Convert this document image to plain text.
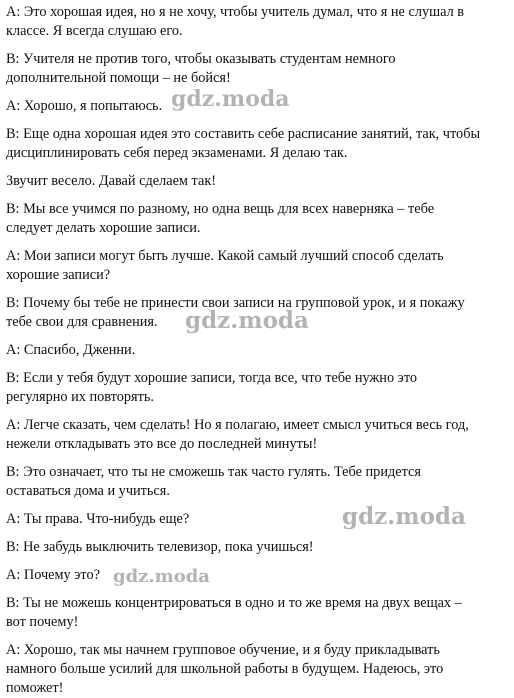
A: Это хорошая идея, но я не хочу, чтобы учитель думал, что я не слушал в
классе. Я всегда слушаю его.

B: Учителя не против того, чтобы оказывать студентам немного
дополнительной помощи – не бойся!

A: Хорошо, я попытаюсь.

B: Еще одна хорошая идея это составить себе расписание занятий, так, чтобы
дисциплинировать себя перед экзаменами. Я делаю так.

Звучит весело. Давай сделаем так!

B: Мы все учимся по разному, но одна вещь для всех наверняка – тебе
следует делать хорошие записи.

A: Мои записи могут быть лучше. Какой самый лучший способ сделать
хорошие записи?

B: Почему бы тебе не принести свои записи на групповой урок, и я покажу
тебе свои для сравнения.

A: Спасибо, Дженни.

B: Если у тебя будут хорошие записи, тогда все, что тебе нужно это
регулярно их повторять.

A: Легче сказать, чем сделать! Но я полагаю, имеет смысл учиться весь год,
нежели откладывать это все до последней минуты!

B: Это означает, что ты не сможешь так часто гулять. Тебе придется
оставаться дома и учиться.

A: Ты права. Что-нибудь еще?

B: Не забудь выключить телевизор, пока учишься!

A: Почему это?

B: Ты не можешь концентрироваться в одно и то же время на двух вещах –
вот почему!

A: Хорошо, так мы начнем групповое обучение, и я буду прикладывать
намного больше усилий для школьной работы в будущем. Надеюсь, это
поможет!

gdz.moda
gdz.moda
gdz.moda
gdz.moda
